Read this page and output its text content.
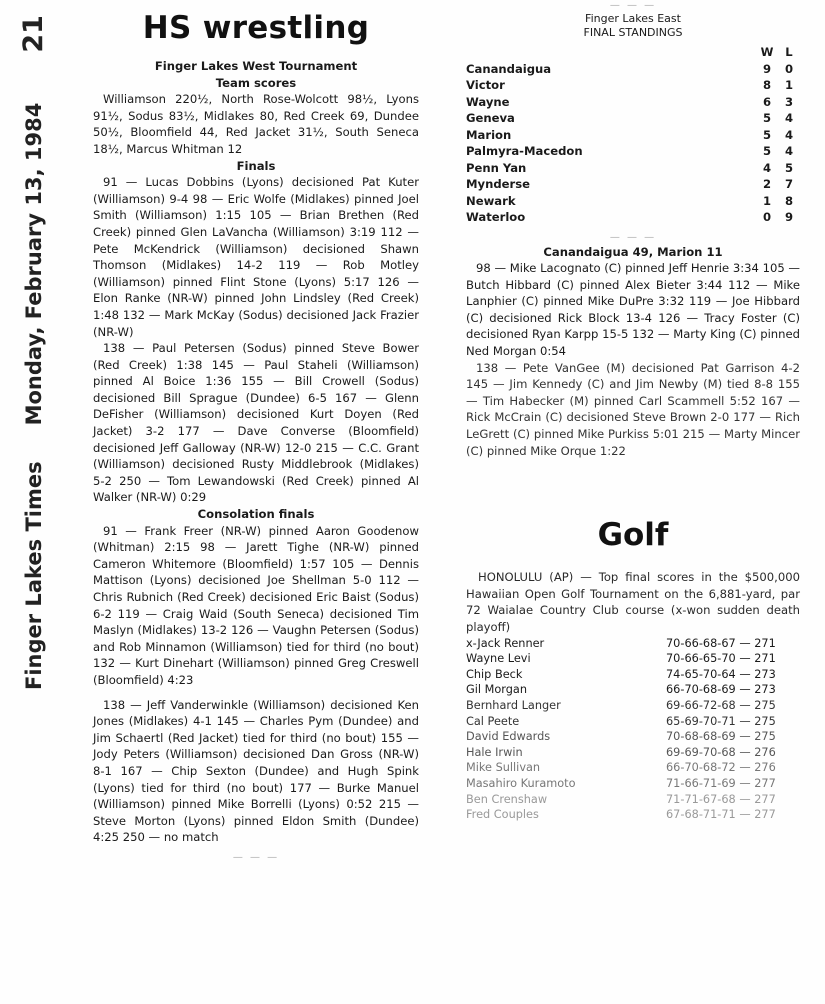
Finger Lakes Times
Monday, February 13, 1984
21	HS wrestling
Finger Lakes West Tournament
Team scores

Williamson 220½, North Rose-Wolcott 98½, Lyons 91½, Sodus 83½, Midlakes 80, Red Creek 69, Dundee 50½, Bloomfield 44, Red Jacket 31½, South Seneca 18½, Marcus Whitman 12

Finals

91 — Lucas Dobbins (Lyons) decisioned Pat Kuter (Williamson) 9-4 98 — Eric Wolfe (Midlakes) pinned Joel Smith (Williamson) 1:15 105 — Brian Brethen (Red Creek) pinned Glen LaVancha (Williamson) 3:19 112 — Pete McKendrick (Williamson) decisioned Shawn Thomson (Midlakes) 14-2 119 — Rob Motley (Williamson) pinned Flint Stone (Lyons) 5:17 126 — Elon Ranke (NR-W) pinned John Lindsley (Red Creek) 1:48 132 — Mark McKay (Sodus) decisioned Jack Frazier (NR-W)

138 — Paul Petersen (Sodus) pinned Steve Bower (Red Creek) 1:38 145 — Paul Staheli (Williamson) pinned Al Boice 1:36 155 — Bill Crowell (Sodus) decisioned Bill Sprague (Dundee) 6-5 167 — Glenn DeFisher (Williamson) decisioned Kurt Doyen (Red Jacket) 3-2 177 — Dave Converse (Bloomfield) decisioned Jeff Galloway (NR-W) 12-0 215 — C.C. Grant (Williamson) decisioned Rusty Middlebrook (Midlakes) 5-2 250 — Tom Lewandowski (Red Creek) pinned Al Walker (NR-W) 0:29

Consolation finals

91 — Frank Freer (NR-W) pinned Aaron Goodenow (Whitman) 2:15 98 — Jarett Tighe (NR-W) pinned Cameron Whitemore (Bloomfield) 1:57 105 — Dennis Mattison (Lyons) decisioned Joe Shellman 5-0 112 — Chris Rubnich (Red Creek) decisioned Eric Baist (Sodus) 6-2 119 — Craig Waid (South Seneca) decisioned Tim Maslyn (Midlakes) 13-2 126 — Vaughn Petersen (Sodus) and Rob Minnamon (Williamson) tied for third (no bout) 132 — Kurt Dinehart (Williamson) pinned Greg Creswell (Bloomfield) 4:23

138 — Jeff Vanderwinkle (Williamson) decisioned Ken Jones (Midlakes) 4-1 145 — Charles Pym (Dundee) and Jim Schaertl (Red Jacket) tied for third (no bout) 155 — Jody Peters (Williamson) decisioned Dan Gross (NR-W) 8-1 167 — Chip Sexton (Dundee) and Hugh Spink (Lyons) tied for third (no bout) 177 — Burke Manuel (Williamson) pinned Mike Borrelli (Lyons) 0:52 215 — Steve Morton (Lyons) pinned Eldon Smith (Dundee) 4:25 250 — no match

— — —
— — —
Finger Lakes East
FINAL STANDINGS
	W	L
Canandaigua	9	0
Victor	8	1
Wayne	6	3
Geneva	5	4
Marion	5	4
Palmyra-Macedon	5	4
Penn Yan	4	5
Mynderse	2	7
Newark	1	8
Waterloo	0	9
— — —
Canandaigua 49, Marion 11

98 — Mike Lacognato (C) pinned Jeff Henrie 3:34 105 — Butch Hibbard (C) pinned Alex Bieter 3:44 112 — Mike Lanphier (C) pinned Mike DuPre 3:32 119 — Joe Hibbard (C) decisioned Rick Block 13-4 126 — Tracy Foster (C) decisioned Ryan Karpp 15-5 132 — Marty King (C) pinned Ned Morgan 0:54

138 — Pete VanGee (M) decisioned Pat Garrison 4-2 145 — Jim Kennedy (C) and Jim Newby (M) tied 8-8 155 — Tim Habecker (M) pinned Carl Scammell 5:52 167 — Rick McCrain (C) decisioned Steve Brown 2-0 177 — Rich LeGrett (C) pinned Mike Purkiss 5:01 215 — Marty Mincer (C) pinned Mike Orque 1:22

Golf

HONOLULU (AP) — Top final scores in the $500,000 Hawaiian Open Golf Tournament on the 6,881-yard, par 72 Waialae Country Club course (x-won sudden death playoff)

x-Jack Renner	70-66-68-67 — 271
Wayne Levi	70-66-65-70 — 271
Chip Beck	74-65-70-64 — 273
Gil Morgan	66-70-68-69 — 273
Bernhard Langer	69-66-72-68 — 275
Cal Peete	65-69-70-71 — 275
David Edwards	70-68-68-69 — 275
Hale Irwin	69-69-70-68 — 276
Mike Sullivan	66-70-68-72 — 276
Masahiro Kuramoto	71-66-71-69 — 277
Ben Crenshaw	71-71-67-68 — 277
Fred Couples	67-68-71-71 — 277
